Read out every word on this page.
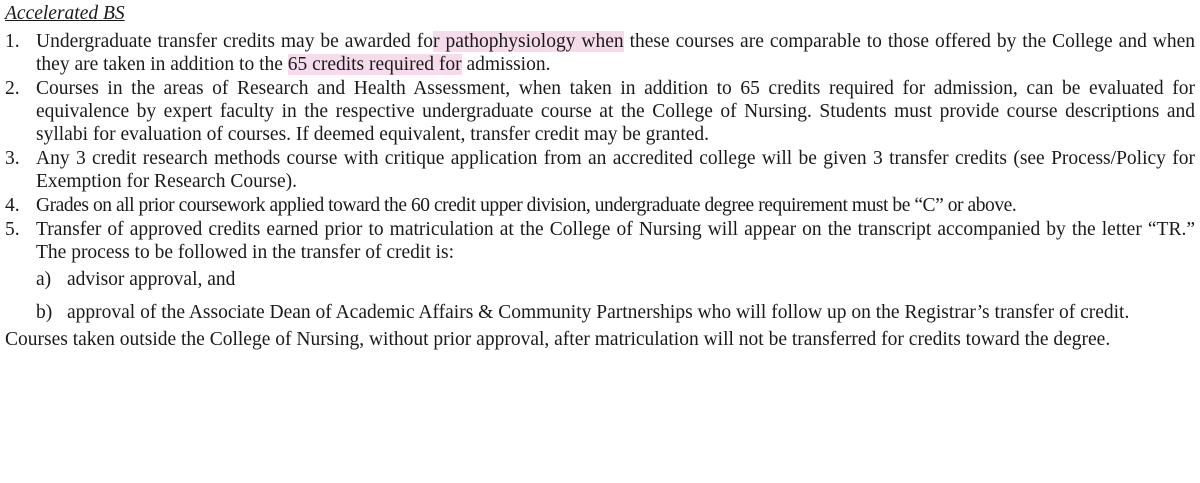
Accelerated BS

1. Undergraduate transfer credits may be awarded for pathophysiology when these courses are comparable to those offered by the College and when they are taken in addition to the 65 credits required for admission.
2. Courses in the areas of Research and Health Assessment, when taken in addition to 65 credits required for admission, can be evaluated for equivalence by expert faculty in the respective undergraduate course at the College of Nursing. Students must provide course descriptions and syllabi for evaluation of courses. If deemed equivalent, transfer credit may be granted.
3. Any 3 credit research methods course with critique application from an accredited college will be given 3 transfer credits (see Process/Policy for Exemption for Research Course).
4. Grades on all prior coursework applied toward the 60 credit upper division, undergraduate degree requirement must be “C” or above.
5. Transfer of approved credits earned prior to matriculation at the College of Nursing will appear on the transcript accompanied by the letter “TR.” The process to be followed in the transfer of credit is:
a) advisor approval, and
b) approval of the Associate Dean of Academic Affairs & Community Partnerships who will follow up on the Registrar’s transfer of credit.

Courses taken outside the College of Nursing, without prior approval, after matriculation will not be transferred for credits toward the degree.
